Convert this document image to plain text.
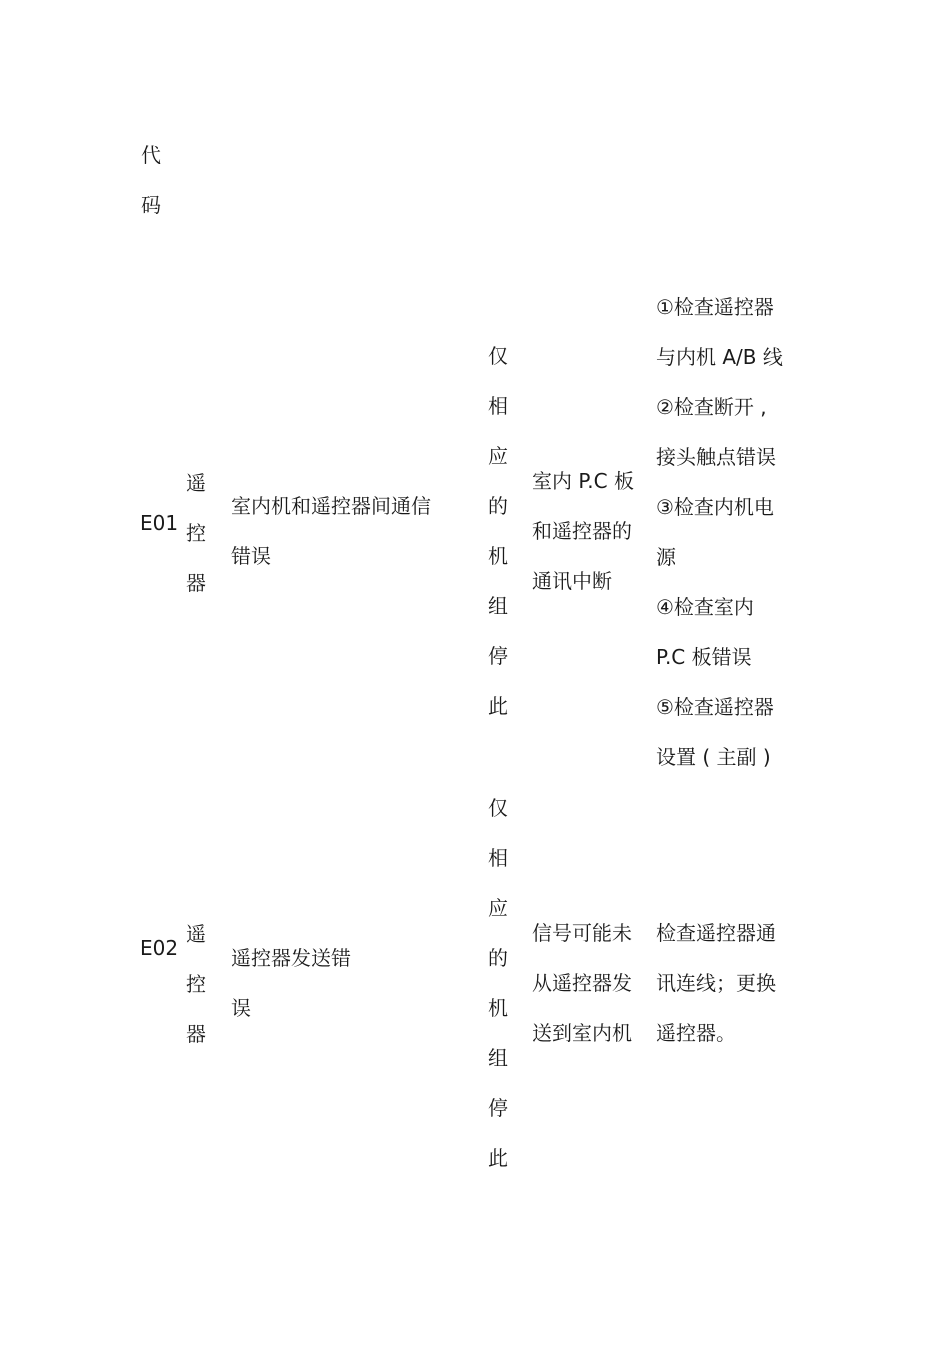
代
码
E01
遥
控
器
室内机和遥控器间通信
错误
仅
相
应
的
机
组
停
此
室内 P.C 板
和遥控器的
通讯中断
①检查遥控器
与内机 A/B 线
②检查断开 ,
接头触点错误
③检查内机电
源
④检查室内
P.C 板错误
⑤检查遥控器
设置 ( 主副 )
E02
遥
控
器
遥控器发送错
误
仅
相
应
的
机
组
停
此
信号可能未
从遥控器发
送到室内机
检查遥控器通
讯连线；更换
遥控器。
